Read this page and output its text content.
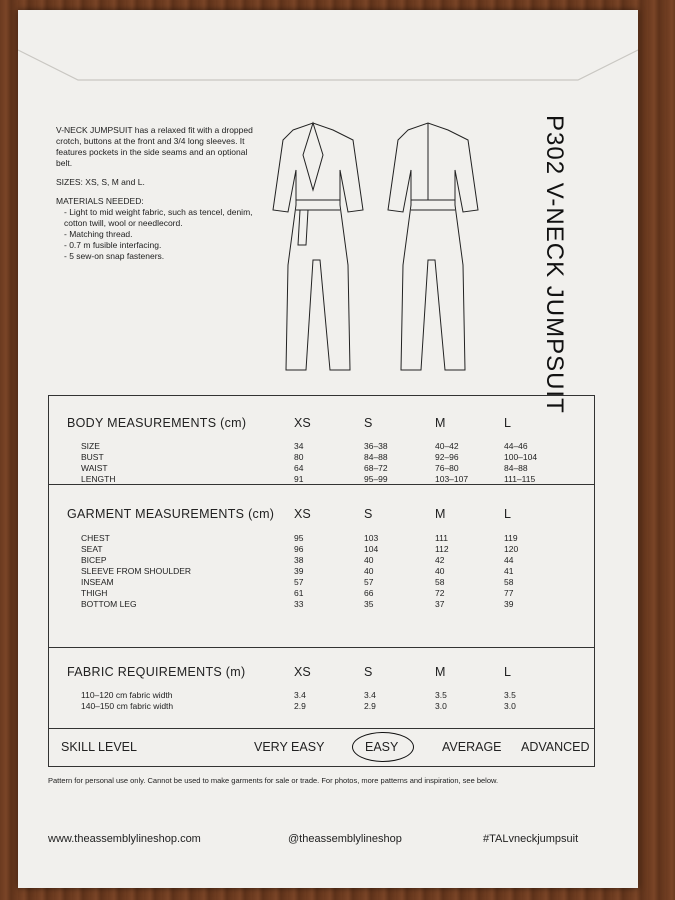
V-NECK JUMPSUIT has a relaxed fit with a dropped crotch, buttons at the front and 3/4 long sleeves. It features pockets in the side seams and an optional belt.

SIZES: XS, S, M and L.

MATERIALS NEEDED:
- Light to mid weight fabric, such as tencel, denim, cotton twill, wool or needlecord.
- Matching thread.
- 0.7 m fusible interfacing.
- 5 sew-on snap fasteners.	P302 V-NECK JUMPSUIT
BODY MEASUREMENTS (cm)	XS	S	M	L
SIZE	34	36–38	40–42	44–46
BUST	80	84–88	92–96	100–104
WAIST	64	68–72	76–80	84–88
LENGTH	91	95–99	103–107	111–115
GARMENT MEASUREMENTS (cm) XS	S	M	L
CHEST	95	103	111	119
SEAT	96	104	112	120
BICEP	38	40	42	44
SLEEVE FROM SHOULDER	39	40	40	41
INSEAM	57	57	58	58
THIGH	61	66	72	77
BOTTOM LEG	33	35	37	39
FABRIC REQUIREMENTS (m)	XS	S	M	L
110–120 cm fabric width	3.4	3.4	3.5	3.5
140–150 cm fabric width	2.9	2.9	3.0	3.0
SKILL LEVEL	VERY EASY	EASY	AVERAGE ADVANCED
Pattern for personal use only. Cannot be used to make garments for sale or trade. For photos, more patterns and inspiration, see below.
www.theassemblylineshop.com	@theassemblylineshop	#TALvneckjumpsuit
